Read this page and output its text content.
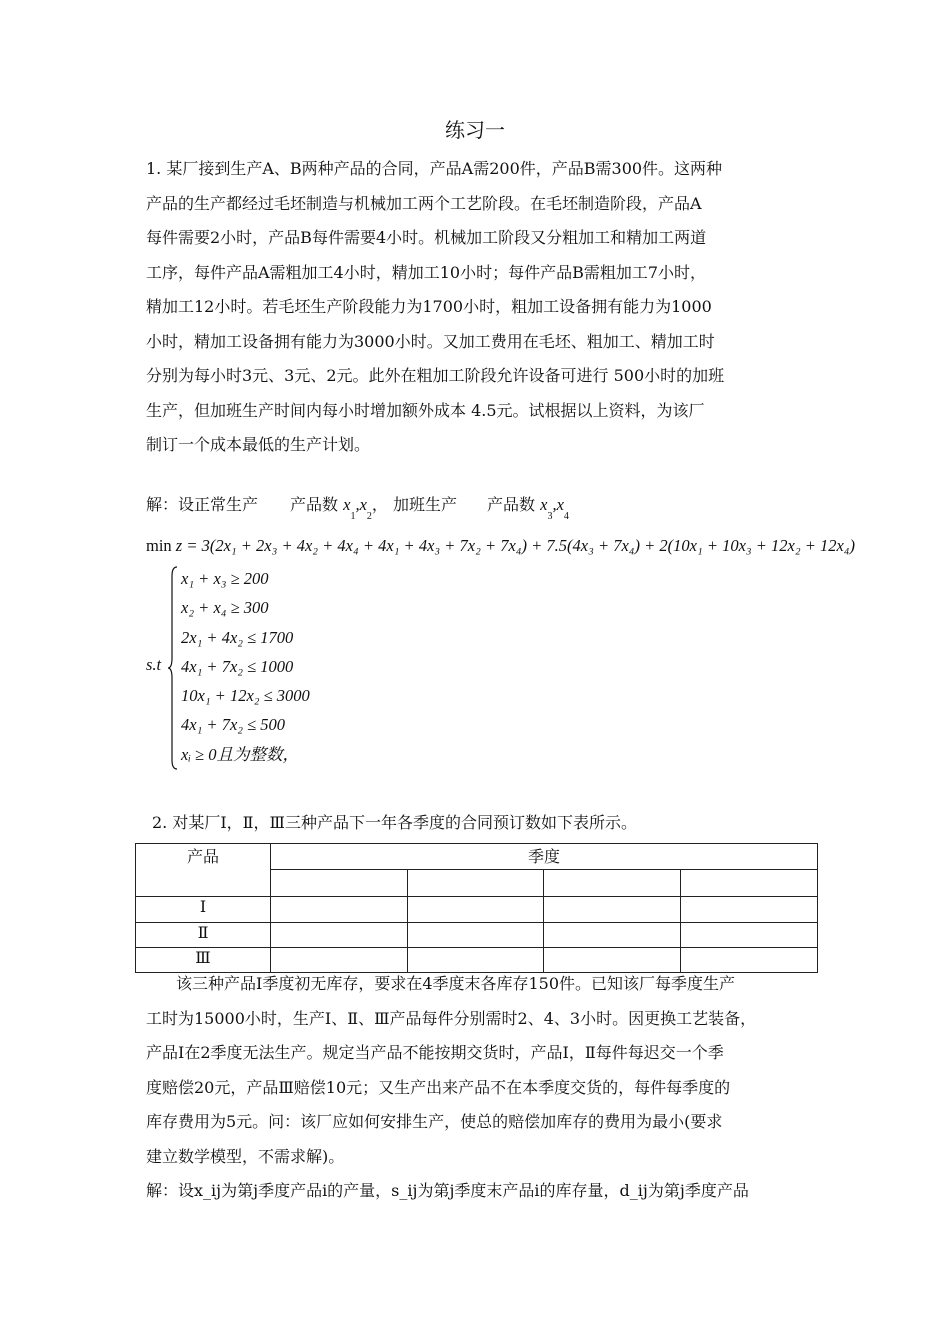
练习一
1. 某厂接到生产A、B两种产品的合同，产品A需200件，产品B需300件。这两种
产品的生产都经过毛坯制造与机械加工两个工艺阶段。在毛坯制造阶段，产品A
每件需要2小时，产品B每件需要4小时。机械加工阶段又分粗加工和精加工两道
工序，每件产品A需粗加工4小时，精加工10小时；每件产品B需粗加工7小时，
精加工12小时。若毛坯生产阶段能力为1700小时，粗加工设备拥有能力为1000
小时，精加工设备拥有能力为3000小时。又加工费用在毛坯、粗加工、精加工时
分别为每小时3元、3元、2元。此外在粗加工阶段允许设备可进行 500小时的加班
生产，但加班生产时间内每小时增加额外成本 4.5元。试根据以上资料，为该厂
制订一个成本最低的生产计划。
解：设正常生产 产品数 $x_1,x_2$， 加班生产 产品数 $x_3,x_4$
min z = 3(2x₁ + 2x₃ + 4x₂ + 4x₄ + 4x₁ + 4x₃ + 7x₂ + 7x₄) + 7.5(4x₃ + 7x₄) + 2(10x₁ + 10x₃ + 12x₂ + 12x₄)
s.t
x₁ + x₃ ≥ 200
x₂ + x₄ ≥ 300
2x₁ + 4x₂ ≤ 1700
4x₁ + 7x₂ ≤ 1000
10x₁ + 12x₂ ≤ 3000
4x₁ + 7x₂ ≤ 500
xᵢ ≥ 0且为整数，
2. 对某厂I，Ⅱ，Ⅲ三种产品下一年各季度的合同预订数如下表所示。
产品	季度			

I				
Ⅱ				
Ⅲ				
该三种产品I季度初无库存，要求在4季度末各库存150件。已知该厂每季度生产
工时为15000小时，生产I、Ⅱ、Ⅲ产品每件分别需时2、4、3小时。因更换工艺装备，
产品I在2季度无法生产。规定当产品不能按期交货时，产品I，Ⅱ每件每迟交一个季
度赔偿20元，产品Ⅲ赔偿10元；又生产出来产品不在本季度交货的，每件每季度的
库存费用为5元。问：该厂应如何安排生产，使总的赔偿加库存的费用为最小(要求
建立数学模型，不需求解)。
解：设x_ij为第j季度产品i的产量，s_ij为第j季度末产品i的库存量，d_ij为第j季度产品
